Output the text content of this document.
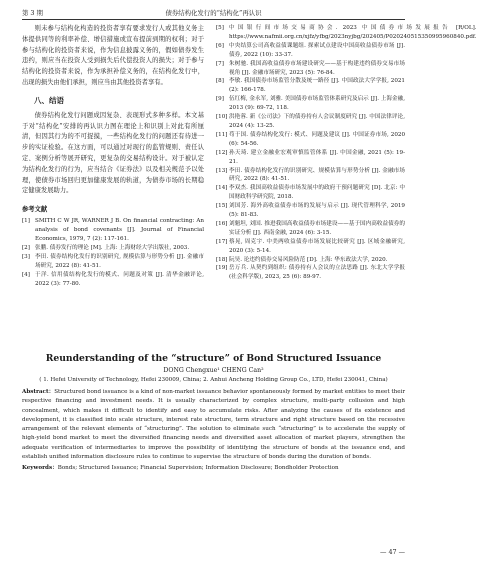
第 3 期	债券结构化发行的“结构化”再认识

则未参与结构化构造的投资者享有要求发行人或其他义务主体提供同等的利率补偿、增信措施或宣布提前到期的权利；对于参与结构化的投资者来说，作为信息披露义务的，假如债券发生违约，则应当在投资人受到损失后代偿投资人的损失；对于参与结构化的投资者来说，作为承担补偿义务的，在结构化发行中，出现的损失由他们承担，则应当由其他投资者享有。

八、结语

债券结构化发行问题成因复杂、表现形式多种多样。本文基于对“结构化”安排的再认识力图在理论上和识别上对此有所厘清，但因其行为的不可捉摸，一些结构化发行的问题还有待进一步的实证检验。在这方面，可以通过对现行的监管规则、责任认定、案例分析等展开研究，更复杂的交易结构设计。对于被认定为结构化发行的行为，应当结合《证券法》以及相关规范予以处理，使债券市场回归更加健康发展的轨道，为债券市场的长期稳定健康发展助力。

参考文献
[1] SMITH C W JR, WARNER J B. On financial contracting: An analysis of bond covenants [J]. Journal of Financial Economics, 1979, 7 (2): 117-161.
[2] 张鹏. 债券发行的理论 [M]. 上海: 上海财经大学出版社, 2003.
[3] 李田. 债券结构化发行的识别研究, 规模估算与形势分析 [J]. 金融市场研究, 2022 (8): 41-51.
[4] 于洋. 信用债结构化发行的模式、问题及对策 [J]. 清华金融评论, 2022 (3): 77-80.
[5] 中国银行间市场交易商协会. 2023 中国债券市场发展报告 [R/OL]. https://www.nafmii.org.cn/xjfz/yfbg/2023nyjbg/202405/P020240515350995960840.pdf.
[6] 中央结算公司高收益债课题组. 探索试点建设中国高收益债券市场 [J]. 债券, 2022 (10): 33-37.
[7] 朱树驰. 我国高收益债券市场建设研究——基于构建违约债券交易市场视角 [J]. 金融市场研究, 2023 (5): 76-84.
[8] 李敏. 我国债券市场监管分散及统一路径 [J]. 中国政法大学学报, 2021 (2): 166-178.
[9] 伍红梅, 金永军, 刘雅. 美国债券市场监管体系研究及启示 [J]. 上海金融, 2013 (9): 69-72, 118.
[10] 洪艳蓉. 新《公司法》下的债券持有人会议制度研究 [J]. 中国法律评论, 2024 (4): 13-25.
[11] 苟于国. 债券结构化发行: 模式、问题及建议 [J]. 中国证券市场, 2020 (6): 54-56.
[12] 孙天琦. 建立金融业宏观审慎监管体系 [J]. 中国金融, 2021 (5): 19-21.
[13] 李田. 债券结构化发行的识别研究、规模估算与形势分析 [J]. 金融市场研究, 2022 (8): 41-51.
[14] 李双杰. 我国高收益债券市场发展中的政府干预问题研究 [D]. 北京: 中国财政科学研究院, 2018.
[15] 刘国芳. 海外高收益债券市场的发展与启示 [J]. 现代管理科学, 2019 (5): 81-83.
[16] 刘魁坦, 刘国. 推进我国高收益债券市场建设——基于国内高收益债券的实证分析 [J]. 西南金融, 2024 (6): 3-15.
[17] 蔡晃, 周克宇. 中美两收益债券市场发展比较研究 [J]. 区域金融研究, 2020 (3): 5-14.
[18] 阮昊. 论违约债券交易风险防范 [D]. 上海: 华东政法大学, 2020.
[19] 岳万兵. 从契约到组织: 债券持有人会议的立法思路 [J]. 东北大学学报 (社会科学版), 2023, 25 (6): 89-97.

Reunderstanding of the “structure” of Bond Structured Issuance

DONG Chengxue¹ CHENG Can²

( 1. Hefei University of Technology, Hefei 230009, China; 2. Anhui Ancheng Holding Group Co., LTD, Hefei 230041, China)

Abstract：Structured bond issuance is a kind of non-market issuance behavior spontaneously formed by market entities to meet their respective financing and investment needs. It is usually characterized by complex structure, multi-party collusion and high concealment, which makes it difficult to identify and easy to accumulate risks. After analyzing the causes of its existence and development, it is classified into scale structure, interest rate structure, term structure and right structure based on the recessive arrangement of the relevant elements of “structuring”. The solution to eliminate such “structuring” is to accelerate the supply of high-yield bond market to meet the diversified financing needs and diversified asset allocation of market players, strengthen the adequate verification of intermediaries to improve the possibility of identifying the structure of bonds at the issuance end, and establish unified information disclosure rules to continue to supervise the structure of bonds during the duration of bonds.

Keywords：Bonds; Structured Issuance; Financial Supervision; Information Disclosure; Bondholder Protection

— 47 —
